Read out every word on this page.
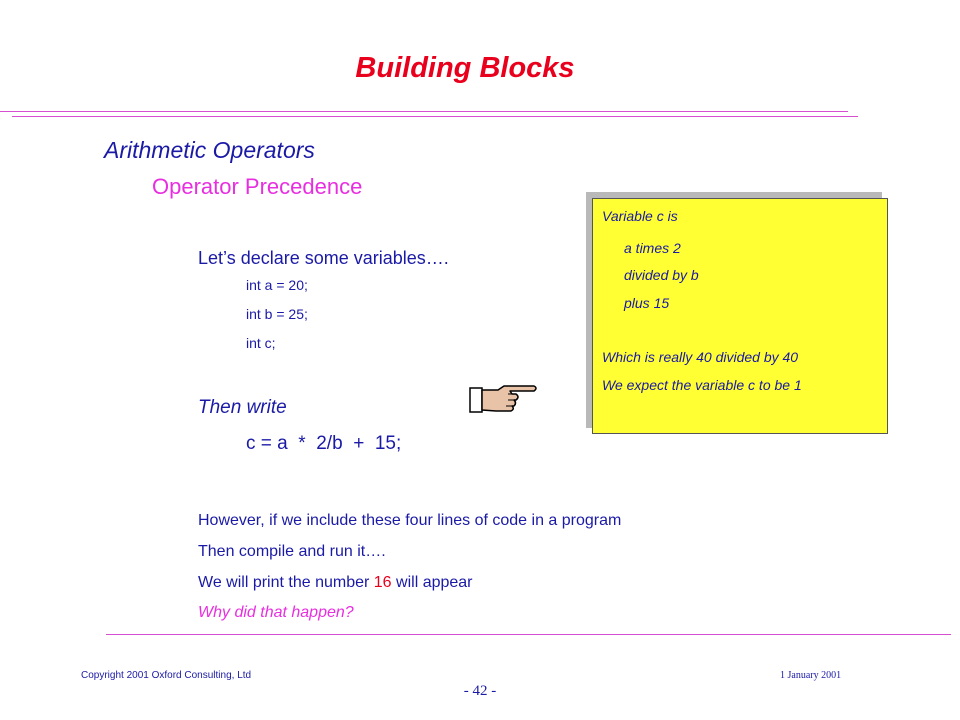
Building Blocks
Arithmetic Operators
Operator Precedence
Let’s declare some variables….
int a = 20;
int b = 25;
int c;
Then write
c = a  *  2/b  +  15;
Variable c is
a times 2
divided by b
plus 15
Which is really 40 divided by 40
We expect the variable c to be 1
However, if we include these four lines of code in a program
Then compile and run it….
We will print the number 16 will appear
Why did that happen?
Copyright 2001 Oxford Consulting, Ltd	1 January 2001
- 42 -
